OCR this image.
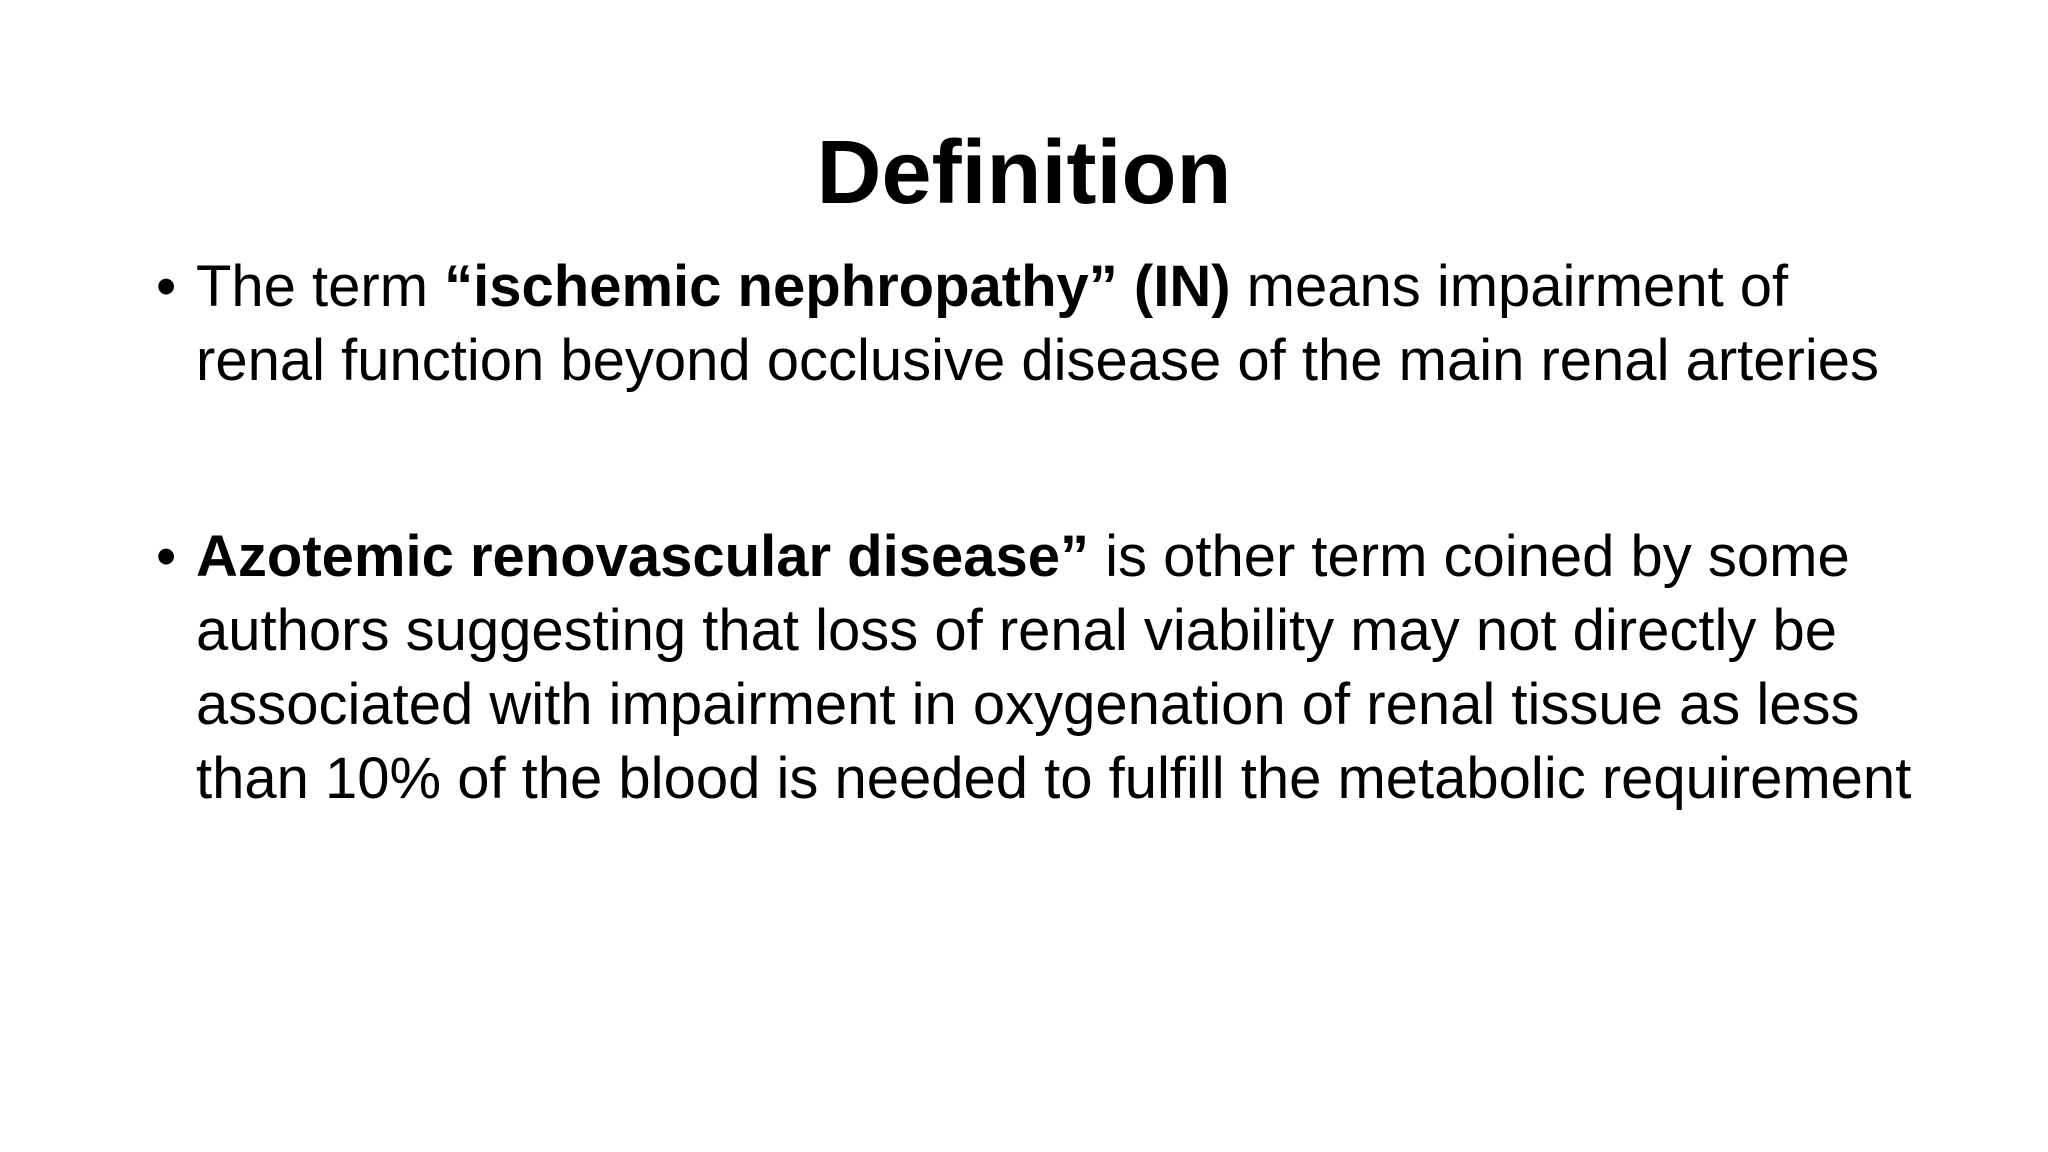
Definition
• The term “ischemic nephropathy” (IN) means impairment of renal function beyond occlusive disease of the main renal arteries
• Azotemic renovascular disease” is other term coined by some authors suggesting that loss of renal viability may not directly be associated with impairment in oxygenation of renal tissue as less than 10% of the blood is needed to fulfill the metabolic requirement
